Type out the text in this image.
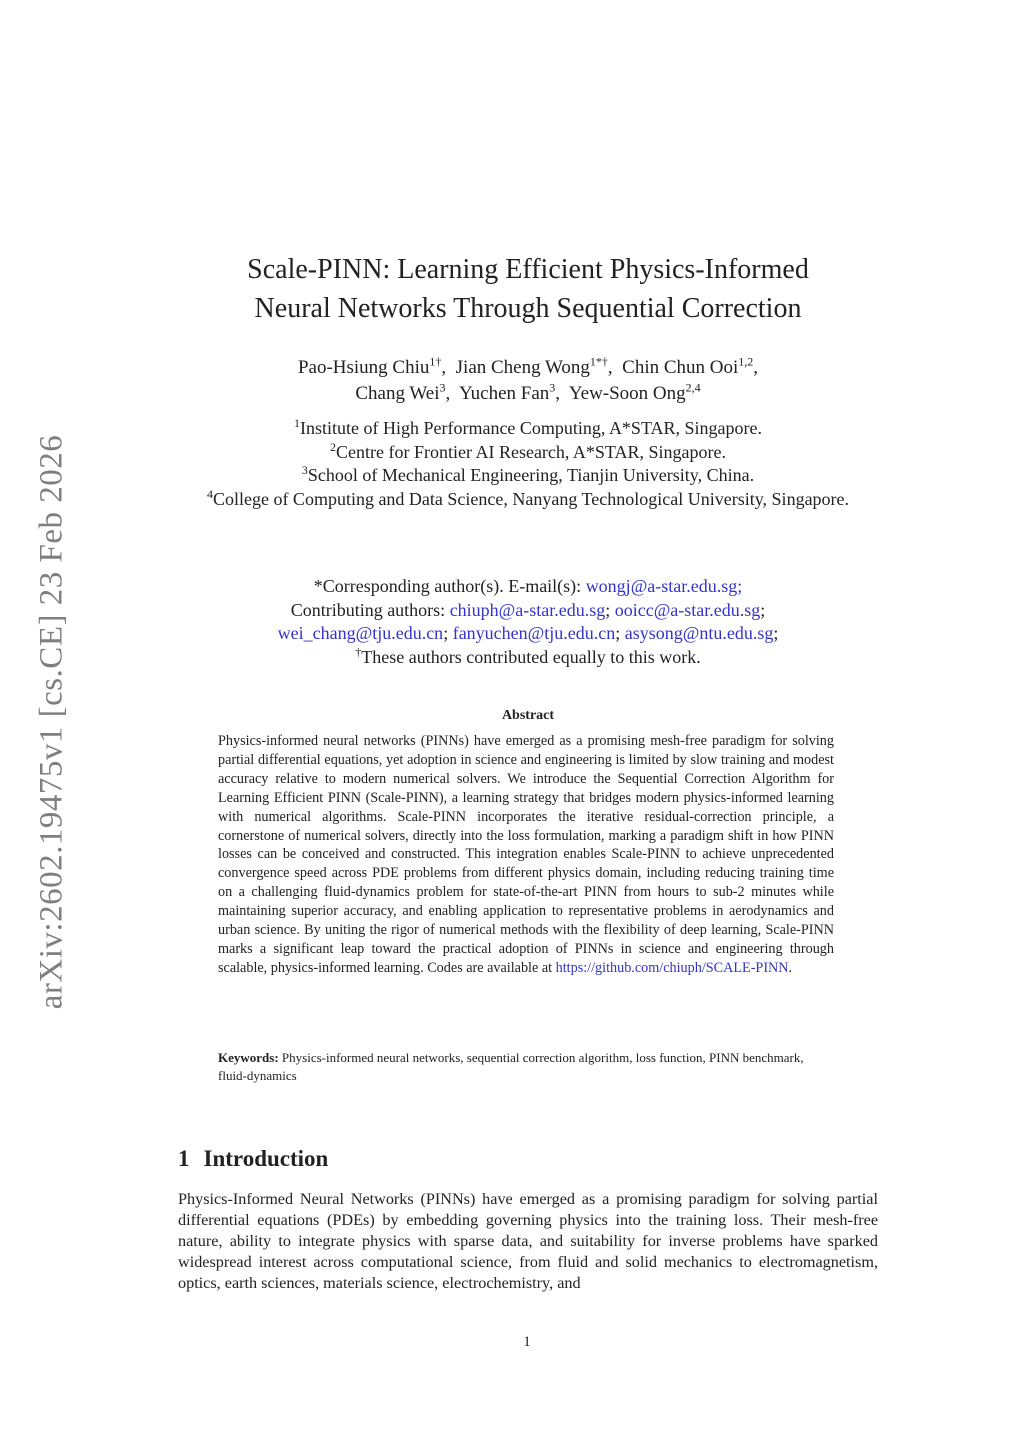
arXiv:2602.19475v1 [cs.CE] 23 Feb 2026
Scale-PINN: Learning Efficient Physics-Informed
Neural Networks Through Sequential Correction
Pao-Hsiung Chiu$^{1\dagger}$,  Jian Cheng Wong$^{1*\dagger}$,  Chin Chun Ooi$^{1,2}$,
Chang Wei$^3$,  Yuchen Fan$^3$,  Yew-Soon Ong$^{2,4}$
$^1$Institute of High Performance Computing, A*STAR, Singapore.
$^2$Centre for Frontier AI Research, A*STAR, Singapore.
$^3$School of Mechanical Engineering, Tianjin University, China.
$^4$College of Computing and Data Science, Nanyang Technological University, Singapore.
*Corresponding author(s). E-mail(s): wongj@a-star.edu.sg;
Contributing authors: chiuph@a-star.edu.sg; ooicc@a-star.edu.sg;
wei_chang@tju.edu.cn; fanyuchen@tju.edu.cn; asysong@ntu.edu.sg;
†These authors contributed equally to this work.
Abstract
Physics-informed neural networks (PINNs) have emerged as a promising mesh-free paradigm for solving partial differential equations, yet adoption in science and engineering is limited by slow training and modest accuracy relative to modern numerical solvers. We introduce the Sequential Correction Algorithm for Learning Efficient PINN (Scale-PINN), a learning strategy that bridges modern physics-informed learning with numerical algorithms. Scale-PINN incorporates the iterative residual-correction principle, a cornerstone of numerical solvers, directly into the loss formulation, marking a paradigm shift in how PINN losses can be conceived and constructed. This integration enables Scale-PINN to achieve unprecedented convergence speed across PDE problems from different physics domain, including reducing training time on a challenging fluid-dynamics problem for state-of-the-art PINN from hours to sub-2 minutes while maintaining superior accuracy, and enabling application to representative problems in aerodynamics and urban science. By uniting the rigor of numerical methods with the flexibility of deep learning, Scale-PINN marks a significant leap toward the practical adoption of PINNs in science and engineering through scalable, physics-informed learning. Codes are available at https://github.com/chiuph/SCALE-PINN.
Keywords: Physics-informed neural networks, sequential correction algorithm, loss function, PINN benchmark, fluid-dynamics
1 Introduction
Physics-Informed Neural Networks (PINNs) have emerged as a promising paradigm for solving partial differential equations (PDEs) by embedding governing physics into the training loss. Their mesh-free nature, ability to integrate physics with sparse data, and suitability for inverse problems have sparked widespread interest across computational science, from fluid and solid mechanics to electromagnetism, optics, earth sciences, materials science, electrochemistry, and
1
